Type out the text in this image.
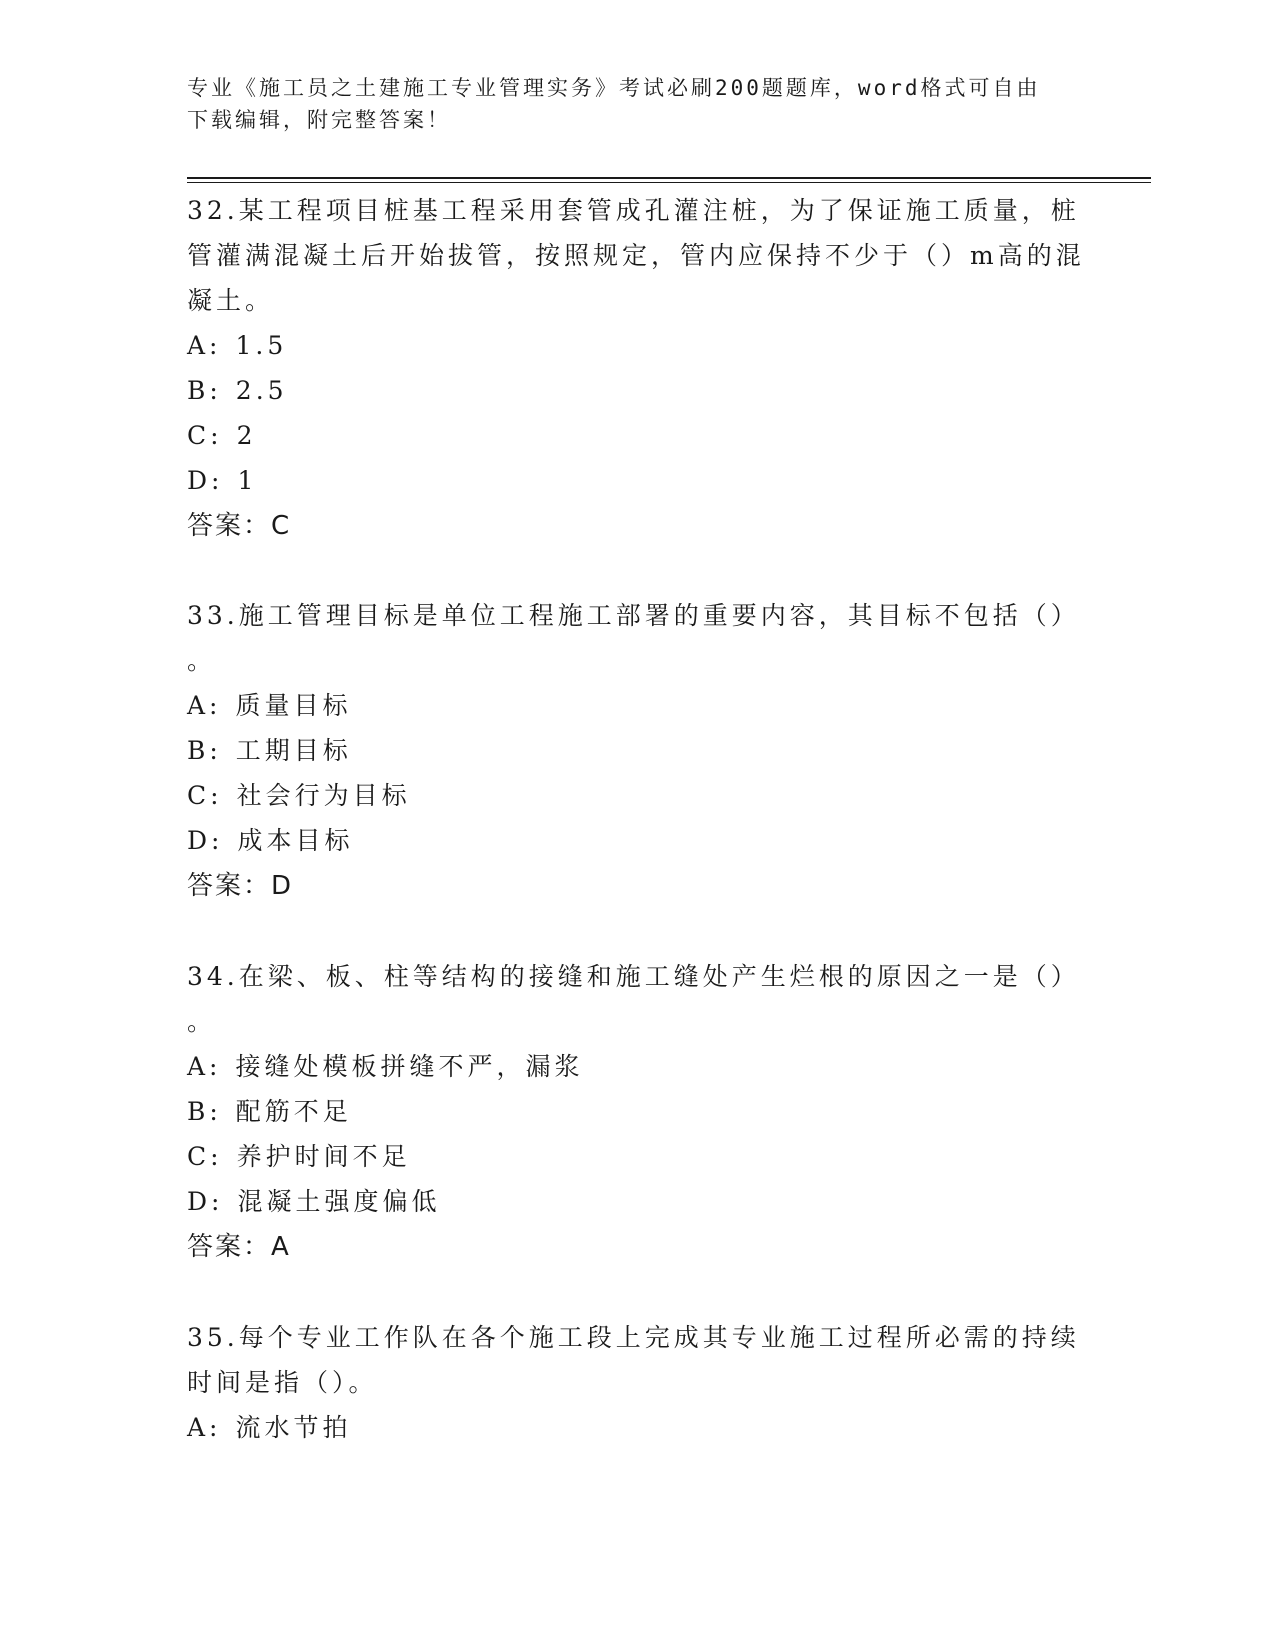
专业《施工员之土建施工专业管理实务》考试必刷200题题库，word格式可自由
下载编辑，附完整答案！

32.某工程项目桩基工程采用套管成孔灌注桩，为了保证施工质量，桩

管灌满混凝土后开始拔管，按照规定，管内应保持不少于（）m高的混

凝土。

A: 1.5

B: 2.5

C: 2

D: 1

答案：C

33.施工管理目标是单位工程施工部署的重要内容，其目标不包括（）

。

A: 质量目标

B: 工期目标

C: 社会行为目标

D: 成本目标

答案：D

34.在梁、板、柱等结构的接缝和施工缝处产生烂根的原因之一是（）

。

A: 接缝处模板拼缝不严，漏浆

B: 配筋不足

C: 养护时间不足

D: 混凝土强度偏低

答案：A

35.每个专业工作队在各个施工段上完成其专业施工过程所必需的持续

时间是指（）。

A: 流水节拍
